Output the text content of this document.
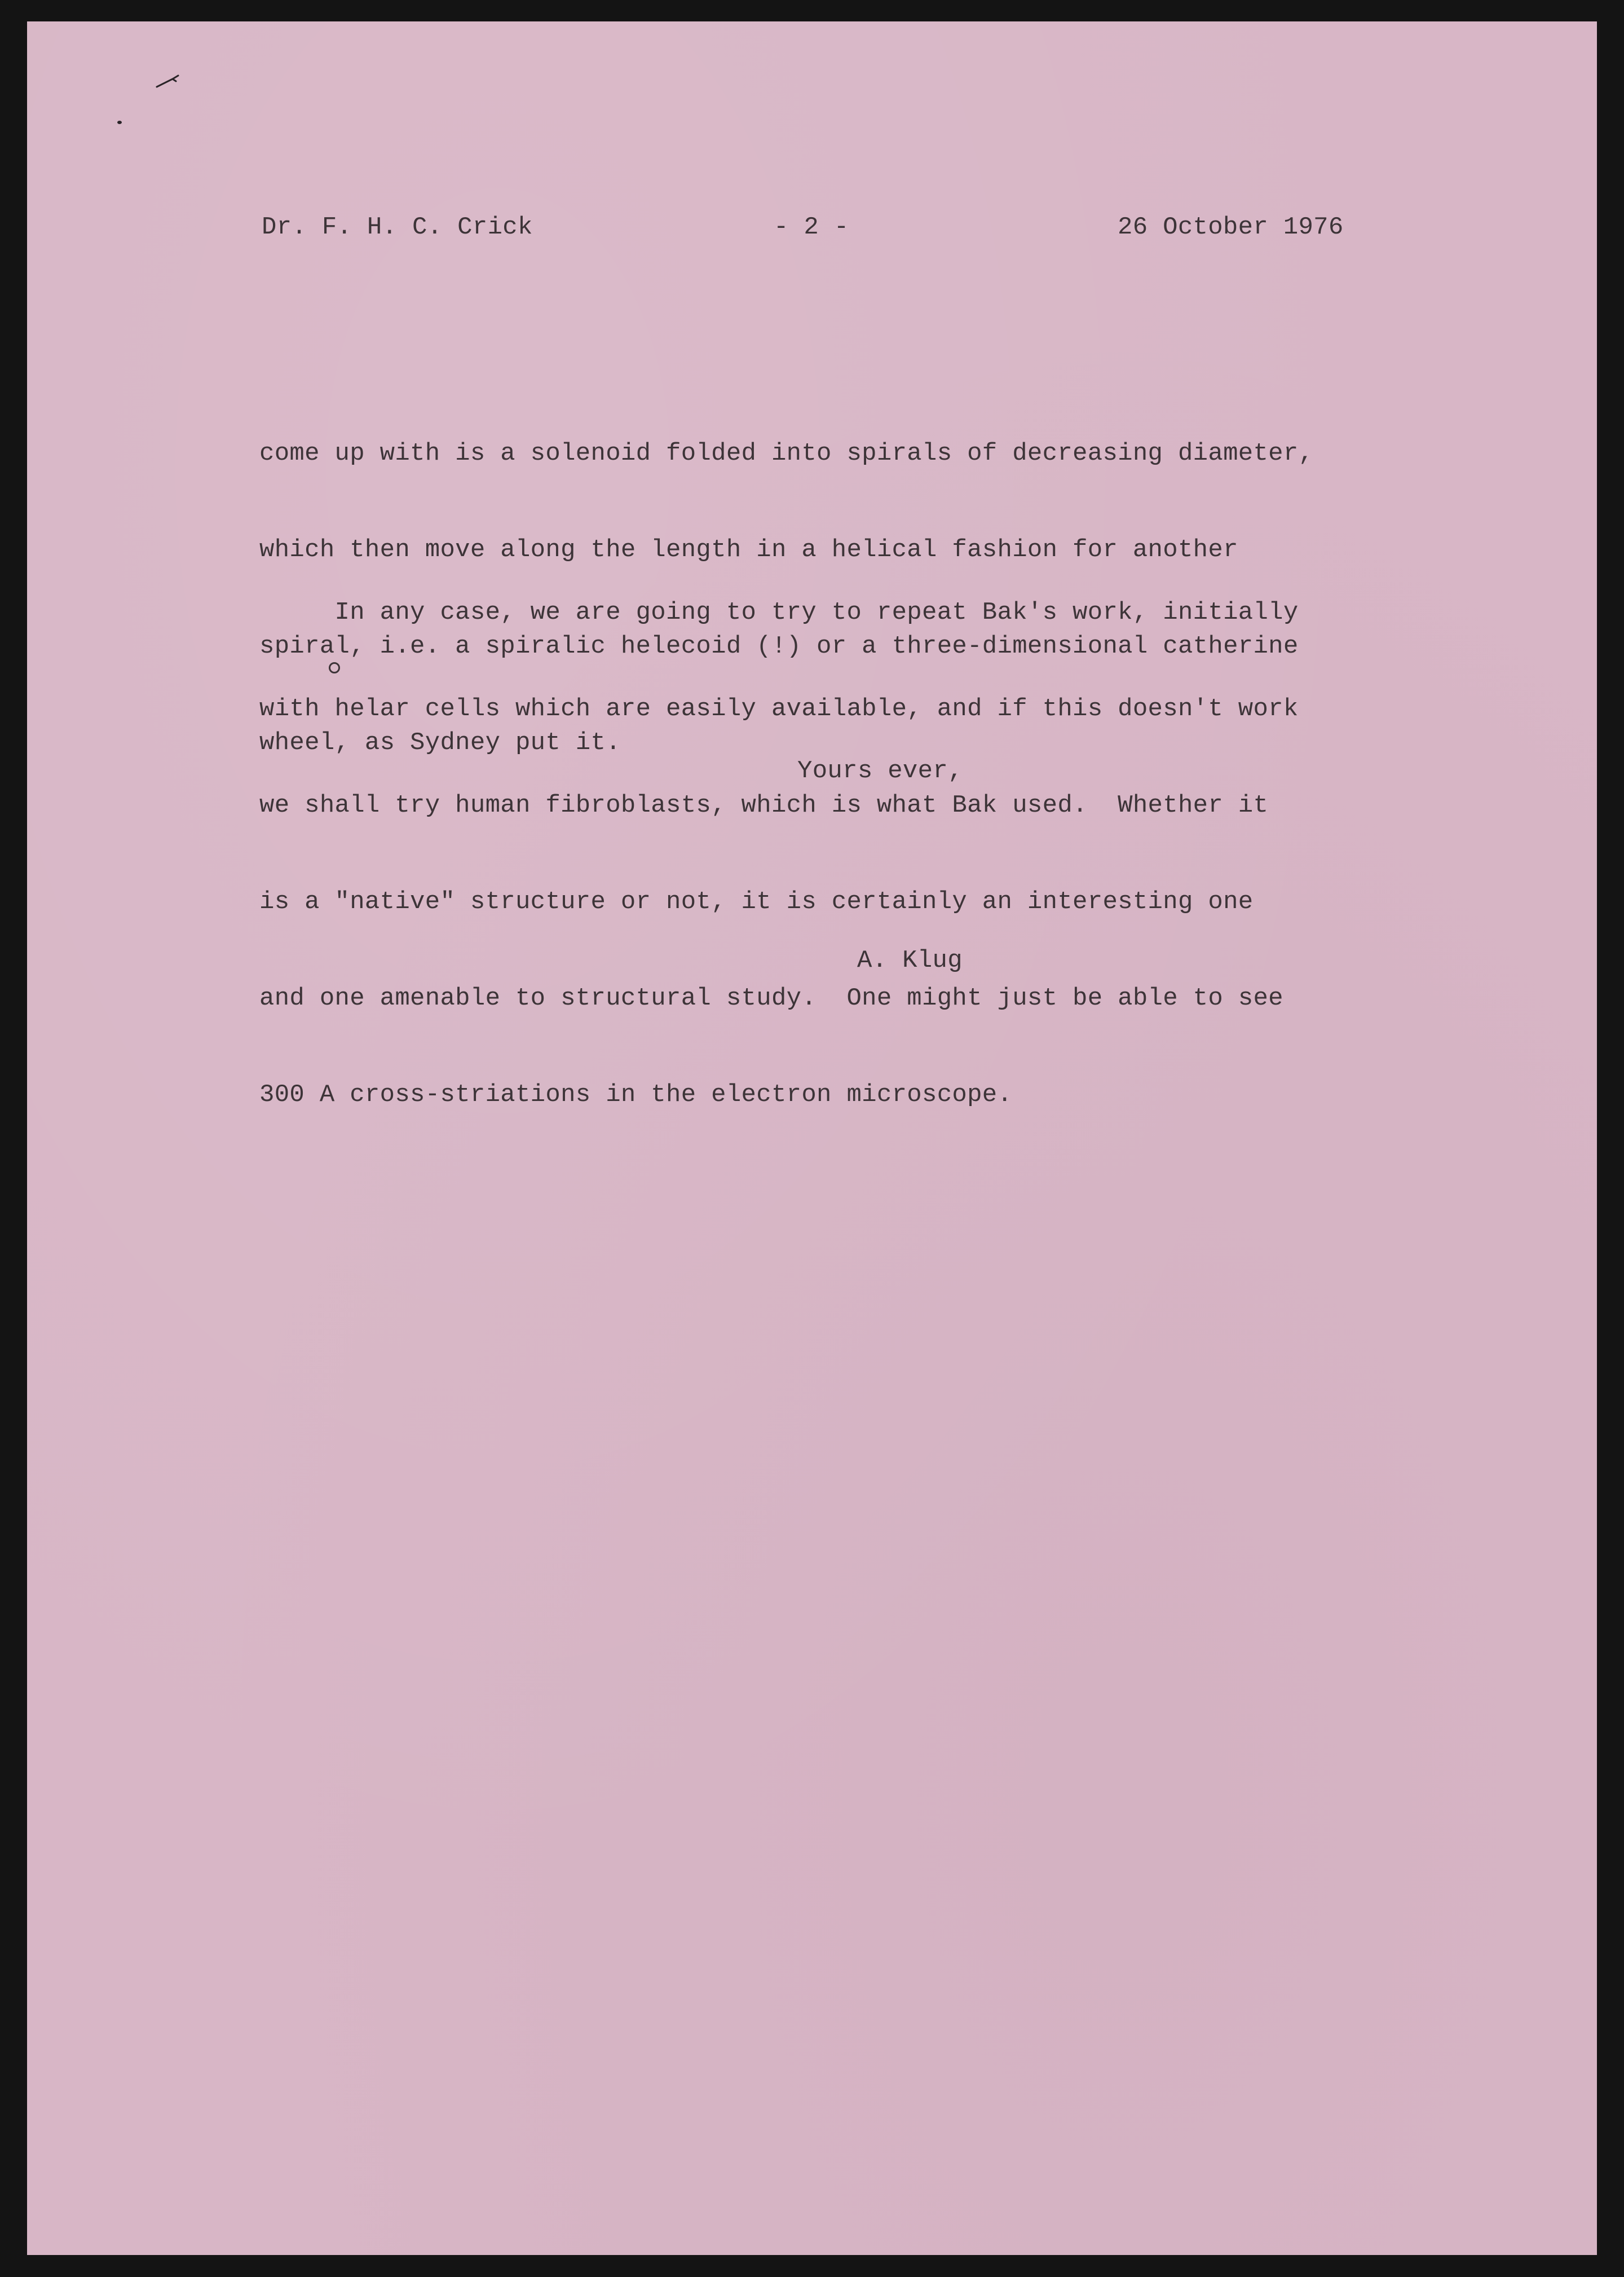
Dr. F. H. C. Crick	- 2 -	26 October 1976

come up with is a solenoid folded into spirals of decreasing diameter,

which then move along the length in a helical fashion for another

spiral, i.e. a spiralic helecoid (!) or a three-dimensional catherine

wheel, as Sydney put it.

In any case, we are going to try to repeat Bak's work, initially

with helar cells which are easily available, and if this doesn't work

we shall try human fibroblasts, which is what Bak used.  Whether it

is a "native" structure or not, it is certainly an interesting one

and one amenable to structural study.  One might just be able to see

300 A cross-striations in the electron microscope.

Yours ever,
A. Klug
